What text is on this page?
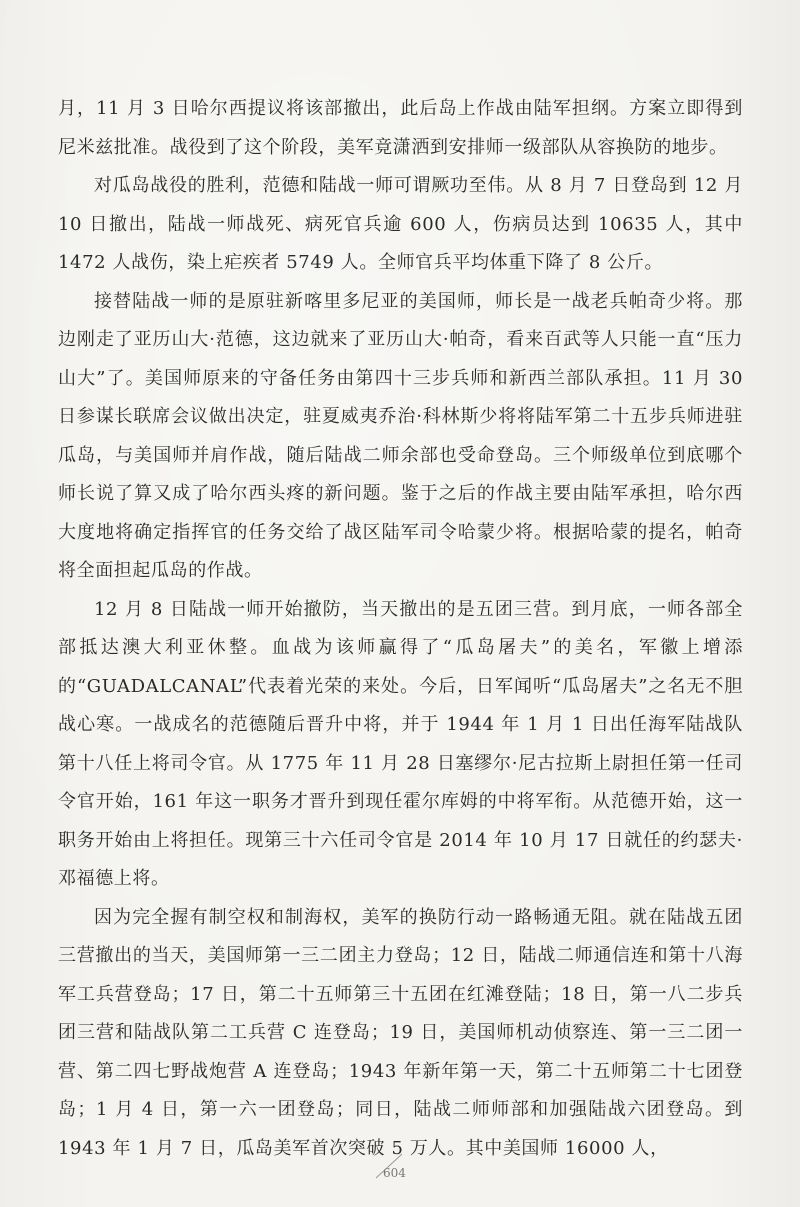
月，11 月 3 日哈尔西提议将该部撤出，此后岛上作战由陆军担纲。方案立即得到尼米兹批准。战役到了这个阶段，美军竟潇洒到安排师一级部队从容换防的地步。

对瓜岛战役的胜利，范德和陆战一师可谓厥功至伟。从 8 月 7 日登岛到 12 月 10 日撤出，陆战一师战死、病死官兵逾 600 人，伤病员达到 10635 人，其中 1472 人战伤，染上疟疾者 5749 人。全师官兵平均体重下降了 8 公斤。

接替陆战一师的是原驻新喀里多尼亚的美国师，师长是一战老兵帕奇少将。那边刚走了亚历山大·范德，这边就来了亚历山大·帕奇，看来百武等人只能一直“压力山大”了。美国师原来的守备任务由第四十三步兵师和新西兰部队承担。11 月 30 日参谋长联席会议做出决定，驻夏威夷乔治·科林斯少将将陆军第二十五步兵师进驻瓜岛，与美国师并肩作战，随后陆战二师余部也受命登岛。三个师级单位到底哪个师长说了算又成了哈尔西头疼的新问题。鉴于之后的作战主要由陆军承担，哈尔西大度地将确定指挥官的任务交给了战区陆军司令哈蒙少将。根据哈蒙的提名，帕奇将全面担起瓜岛的作战。

12 月 8 日陆战一师开始撤防，当天撤出的是五团三营。到月底，一师各部全部抵达澳大利亚休整。血战为该师赢得了“瓜岛屠夫”的美名，军徽上增添的“GUADALCANAL”代表着光荣的来处。今后，日军闻听“瓜岛屠夫”之名无不胆战心寒。一战成名的范德随后晋升中将，并于 1944 年 1 月 1 日出任海军陆战队第十八任上将司令官。从 1775 年 11 月 28 日塞缪尔·尼古拉斯上尉担任第一任司令官开始，161 年这一职务才晋升到现任霍尔库姆的中将军衔。从范德开始，这一职务开始由上将担任。现第三十六任司令官是 2014 年 10 月 17 日就任的约瑟夫·邓福德上将。

因为完全握有制空权和制海权，美军的换防行动一路畅通无阻。就在陆战五团三营撤出的当天，美国师第一三二团主力登岛；12 日，陆战二师通信连和第十八海军工兵营登岛；17 日，第二十五师第三十五团在红滩登陆；18 日，第一八二步兵团三营和陆战队第二工兵营 C 连登岛；19 日，美国师机动侦察连、第一三二团一营、第二四七野战炮营 A 连登岛；1943 年新年第一天，第二十五师第二十七团登岛；1 月 4 日，第一六一团登岛；同日，陆战二师师部和加强陆战六团登岛。到 1943 年 1 月 7 日，瓜岛美军首次突破 5 万人。其中美国师 16000 人，

604
